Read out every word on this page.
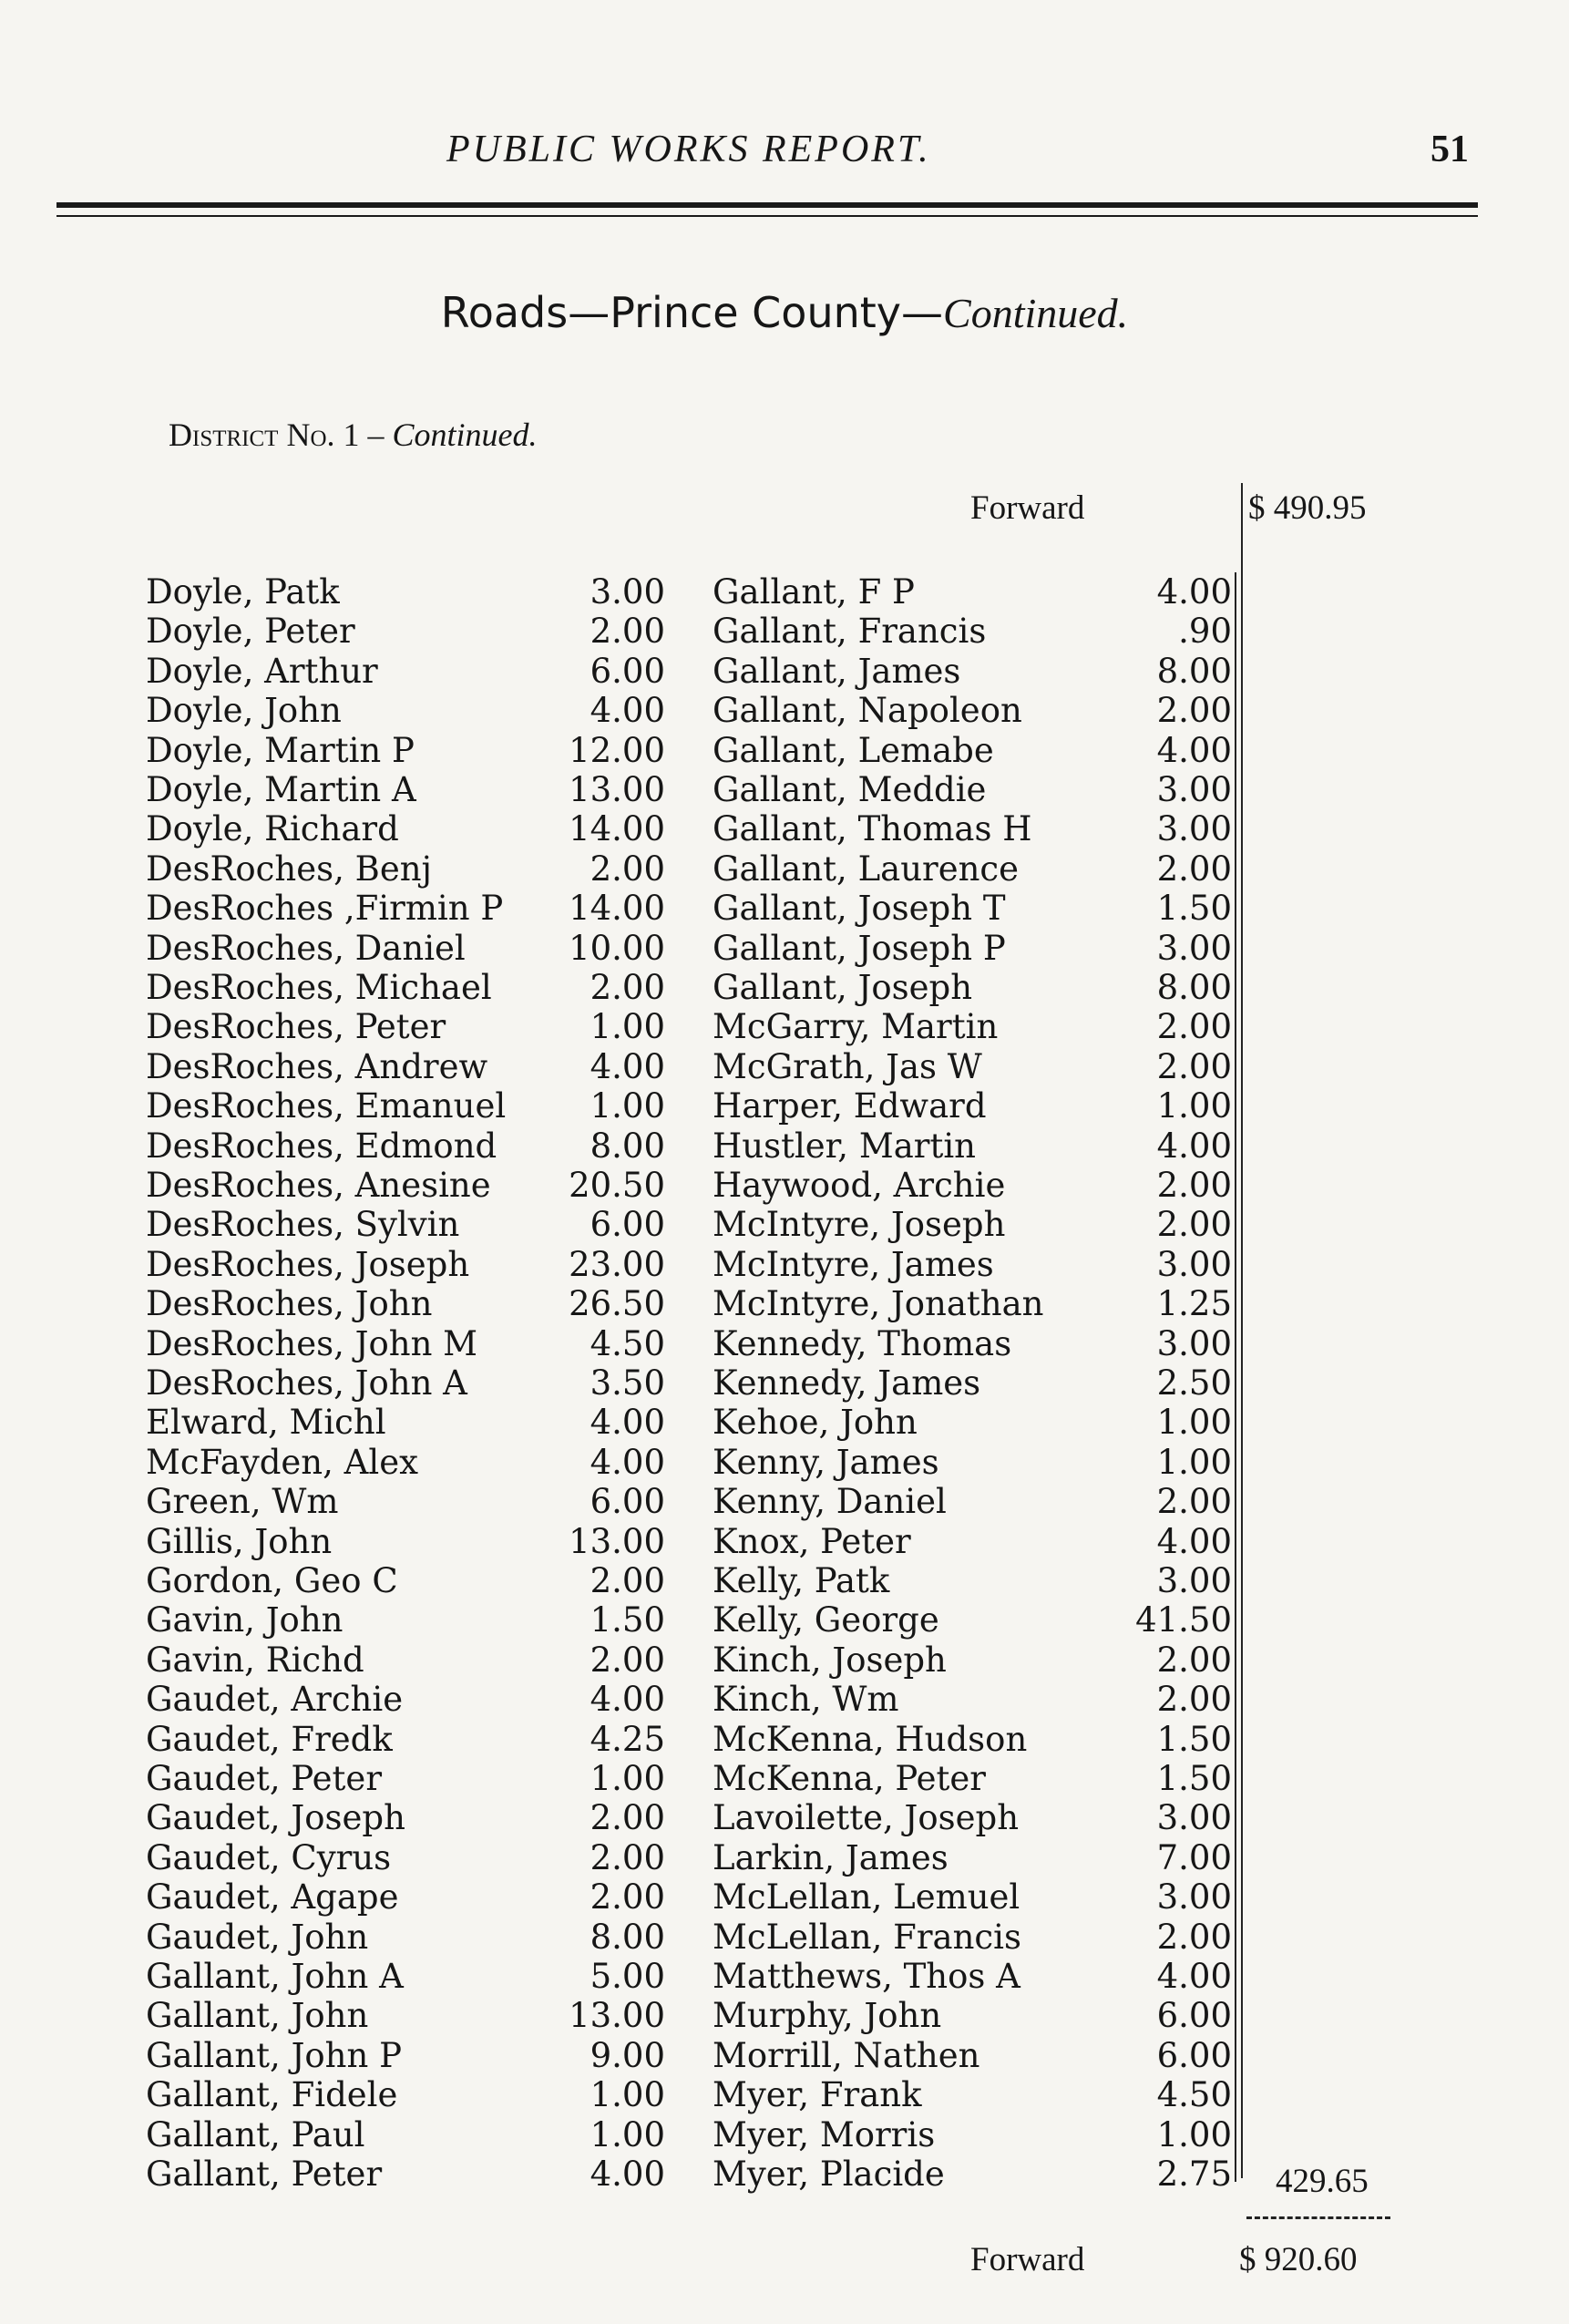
PUBLIC WORKS REPORT.	51
Roads—Prince County—Continued.
District No. 1 – Continued.
Forward	$ 490.95
Doyle, Patk	3.00 Gallant, F P	4.00
Doyle, Peter	2.00 Gallant, Francis	.90
Doyle, Arthur	6.00 Gallant, James	8.00
Doyle, John	4.00 Gallant, Napoleon	2.00
Doyle, Martin P	12.00 Gallant, Lemabe	4.00
Doyle, Martin A	13.00 Gallant, Meddie	3.00
Doyle, Richard	14.00 Gallant, Thomas H	3.00
DesRoches, Benj	2.00 Gallant, Laurence	2.00
DesRoches ,Firmin P	14.00 Gallant, Joseph T	1.50
DesRoches, Daniel	10.00 Gallant, Joseph P	3.00
DesRoches, Michael	2.00 Gallant, Joseph	8.00
DesRoches, Peter	1.00 McGarry, Martin	2.00
DesRoches, Andrew	4.00 McGrath, Jas W	2.00
DesRoches, Emanuel	1.00 Harper, Edward	1.00
DesRoches, Edmond	8.00 Hustler, Martin	4.00
DesRoches, Anesine	20.50 Haywood, Archie	2.00
DesRoches, Sylvin	6.00 McIntyre, Joseph	2.00
DesRoches, Joseph	23.00 McIntyre, James	3.00
DesRoches, John	26.50 McIntyre, Jonathan	1.25
DesRoches, John M	4.50 Kennedy, Thomas	3.00
DesRoches, John A	3.50 Kennedy, James	2.50
Elward, Michl	4.00 Kehoe, John	1.00
McFayden, Alex	4.00 Kenny, James	1.00
Green, Wm	6.00 Kenny, Daniel	2.00
Gillis, John	13.00 Knox, Peter	4.00
Gordon, Geo C	2.00 Kelly, Patk	3.00
Gavin, John	1.50 Kelly, George	41.50
Gavin, Richd	2.00 Kinch, Joseph	2.00
Gaudet, Archie	4.00 Kinch, Wm	2.00
Gaudet, Fredk	4.25 McKenna, Hudson	1.50
Gaudet, Peter	1.00 McKenna, Peter	1.50
Gaudet, Joseph	2.00 Lavoilette, Joseph	3.00
Gaudet, Cyrus	2.00 Larkin, James	7.00
Gaudet, Agape	2.00 McLellan, Lemuel	3.00
Gaudet, John	8.00 McLellan, Francis	2.00
Gallant, John A	5.00 Matthews, Thos A	4.00
Gallant, John	13.00 Murphy, John	6.00
Gallant, John P	9.00 Morrill, Nathen	6.00
Gallant, Fidele	1.00 Myer, Frank	4.50
Gallant, Paul	1.00 Myer, Morris	1.00
Gallant, Peter	4.00 Myer, Placide	2.75 429.65
Forward	$ 920.60
